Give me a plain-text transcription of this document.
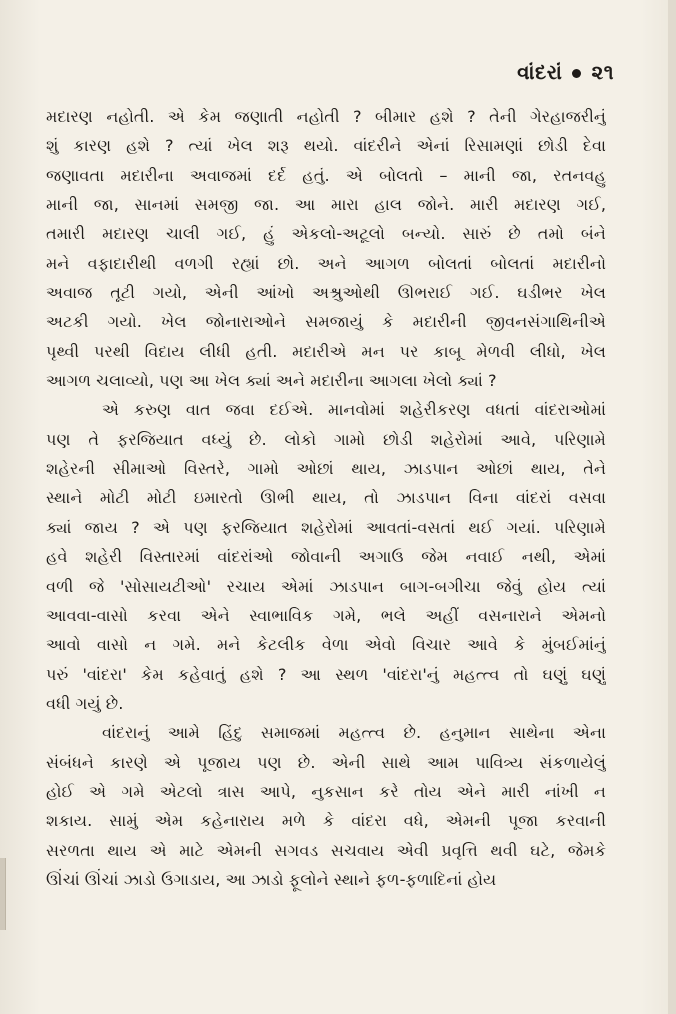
વાંદરાં ૨૧
મદારણ નહોતી. એ કેમ જણાતી નહોતી ? બીમાર હશે ? તેની ગેરહાજરીનું
શું કારણ હશે ? ત્યાં ખેલ શરૂ થયો. વાંદરીને એનાં રિસામણાં છોડી દેવા
જણાવતા મદારીના અવાજમાં દર્દ હતું. એ બોલતો – માની જા, રતનવહુ
માની જા, સાનમાં સમજી જા. આ મારા હાલ જોને. મારી મદારણ ગઈ,
તમારી મદારણ ચાલી ગઈ, હું એકલો-અટૂલો બન્યો. સારું છે તમો બંને
મને વફાદારીથી વળગી રહ્યાં છો. અને આગળ બોલતાં બોલતાં મદારીનો
અવાજ તૂટી ગયો, એની આંખો અશ્રુઓથી ઊભરાઈ ગઈ. ઘડીભર ખેલ
અટકી ગયો. ખેલ જોનારાઓને સમજાયું કે મદારીની જીવનસંગાથિનીએ
પૃથ્વી પરથી વિદાય લીધી હતી. મદારીએ મન પર કાબૂ મેળવી લીધો, ખેલ
આગળ ચલાવ્યો, પણ આ ખેલ ક્યાં અને મદારીના આગલા ખેલો ક્યાં ?
એ કરુણ વાત જવા દઈએ. માનવોમાં શહેરીકરણ વધતાં વાંદરાઓમાં
પણ તે ફરજિયાત વધ્યું છે. લોકો ગામો છોડી શહેરોમાં આવે, પરિણામે
શહેરની સીમાઓ વિસ્તરે, ગામો ઓછાં થાય, ઝાડપાન ઓછાં થાય, તેને
સ્થાને મોટી મોટી ઇમારતો ઊભી થાય, તો ઝાડપાન વિના વાંદરાં વસવા
ક્યાં જાય ? એ પણ ફરજિયાત શહેરોમાં આવતાં-વસતાં થઈ ગયાં. પરિણામે
હવે શહેરી વિસ્તારમાં વાંદરાંઓ જોવાની અગાઉ જેમ નવાઈ નથી, એમાં
વળી જે 'સોસાયટીઓ' રચાય એમાં ઝાડપાન બાગ-બગીચા જેવું હોય ત્યાં
આવવા-વાસો કરવા એને સ્વાભાવિક ગમે, ભલે અહીં વસનારાને એમનો
આવો વાસો ન ગમે. મને કેટલીક વેળા એવો વિચાર આવે કે મુંબઈમાંનું
પરું 'વાંદરા' કેમ કહેવાતું હશે ? આ સ્થળ 'વાંદરા'નું મહત્ત્વ તો ઘણું ઘણું
વધી ગયું છે.
વાંદરાનું આમે હિંદુ સમાજમાં મહત્ત્વ છે. હનુમાન સાથેના એના
સંબંધને કારણે એ પૂજાય પણ છે. એની સાથે આમ પાવિત્ર્ય સંકળાયેલું
હોઈ એ ગમે એટલો ત્રાસ આપે, નુકસાન કરે તોય એને મારી નાંખી ન
શકાય. સામું એમ કહેનારાય મળે કે વાંદરા વધે, એમની પૂજા કરવાની
સરળતા થાય એ માટે એમની સગવડ સચવાય એવી પ્રવૃત્તિ થવી ઘટે, જેમકે
ઊંચાં ઊંચાં ઝાડો ઉગાડાય, આ ઝાડો ફૂલોને સ્થાને ફળ-ફળાદિનાં હોય
